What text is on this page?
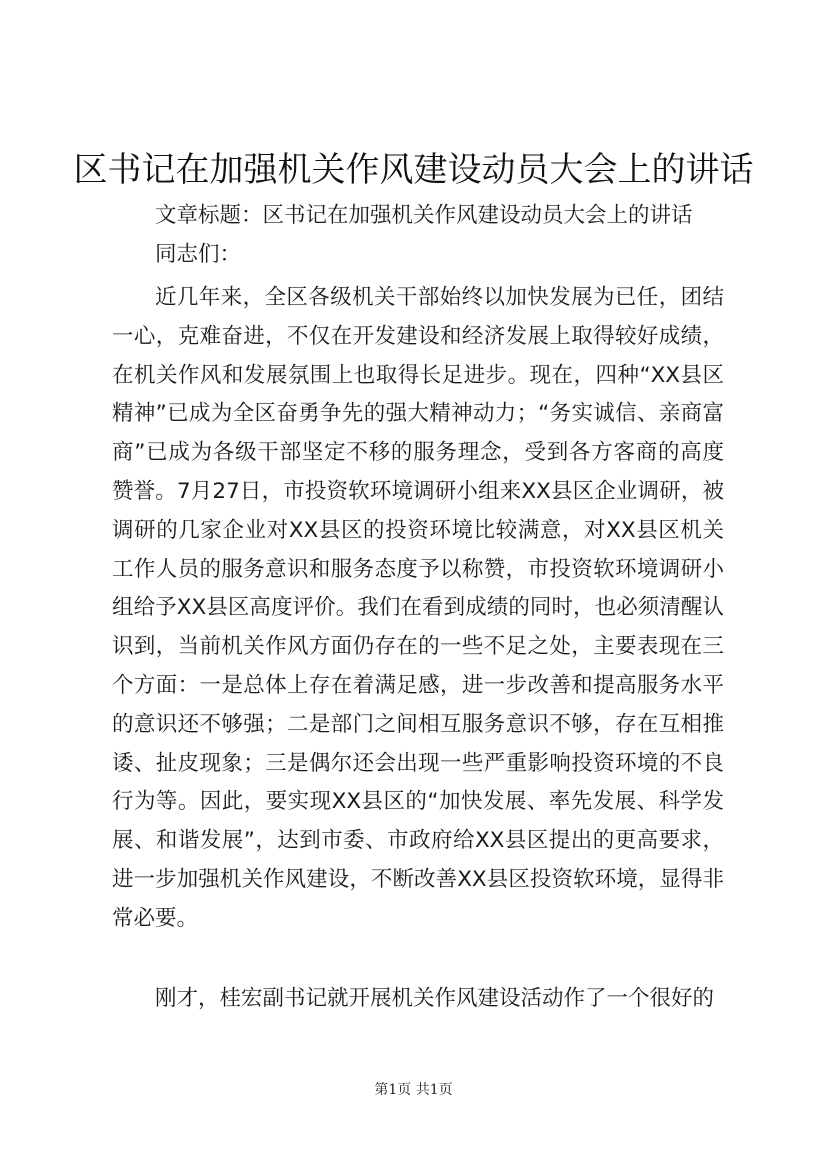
区书记在加强机关作风建设动员大会上的讲话
文章标题：区书记在加强机关作风建设动员大会上的讲话
同志们：
近几年来，全区各级机关干部始终以加快发展为已任，团结一心，克难奋进，不仅在开发建设和经济发展上取得较好成绩，在机关作风和发展氛围上也取得长足进步。现在，四种“XX县区精神”已成为全区奋勇争先的强大精神动力；“务实诚信、亲商富商”已成为各级干部坚定不移的服务理念，受到各方客商的高度赞誉。7月27日，市投资软环境调研小组来XX县区企业调研，被调研的几家企业对XX县区的投资环境比较满意，对XX县区机关工作人员的服务意识和服务态度予以称赞，市投资软环境调研小组给予XX县区高度评价。我们在看到成绩的同时，也必须清醒认识到，当前机关作风方面仍存在的一些不足之处，主要表现在三个方面：一是总体上存在着满足感，进一步改善和提高服务水平的意识还不够强；二是部门之间相互服务意识不够，存在互相推诿、扯皮现象；三是偶尔还会出现一些严重影响投资环境的不良行为等。因此，要实现XX县区的“加快发展、率先发展、科学发展、和谐发展”，达到市委、市政府给XX县区提出的更高要求，进一步加强机关作风建设，不断改善XX县区投资软环境，显得非常必要。
刚才，桂宏副书记就开展机关作风建设活动作了一个很好的
第1页 共1页
